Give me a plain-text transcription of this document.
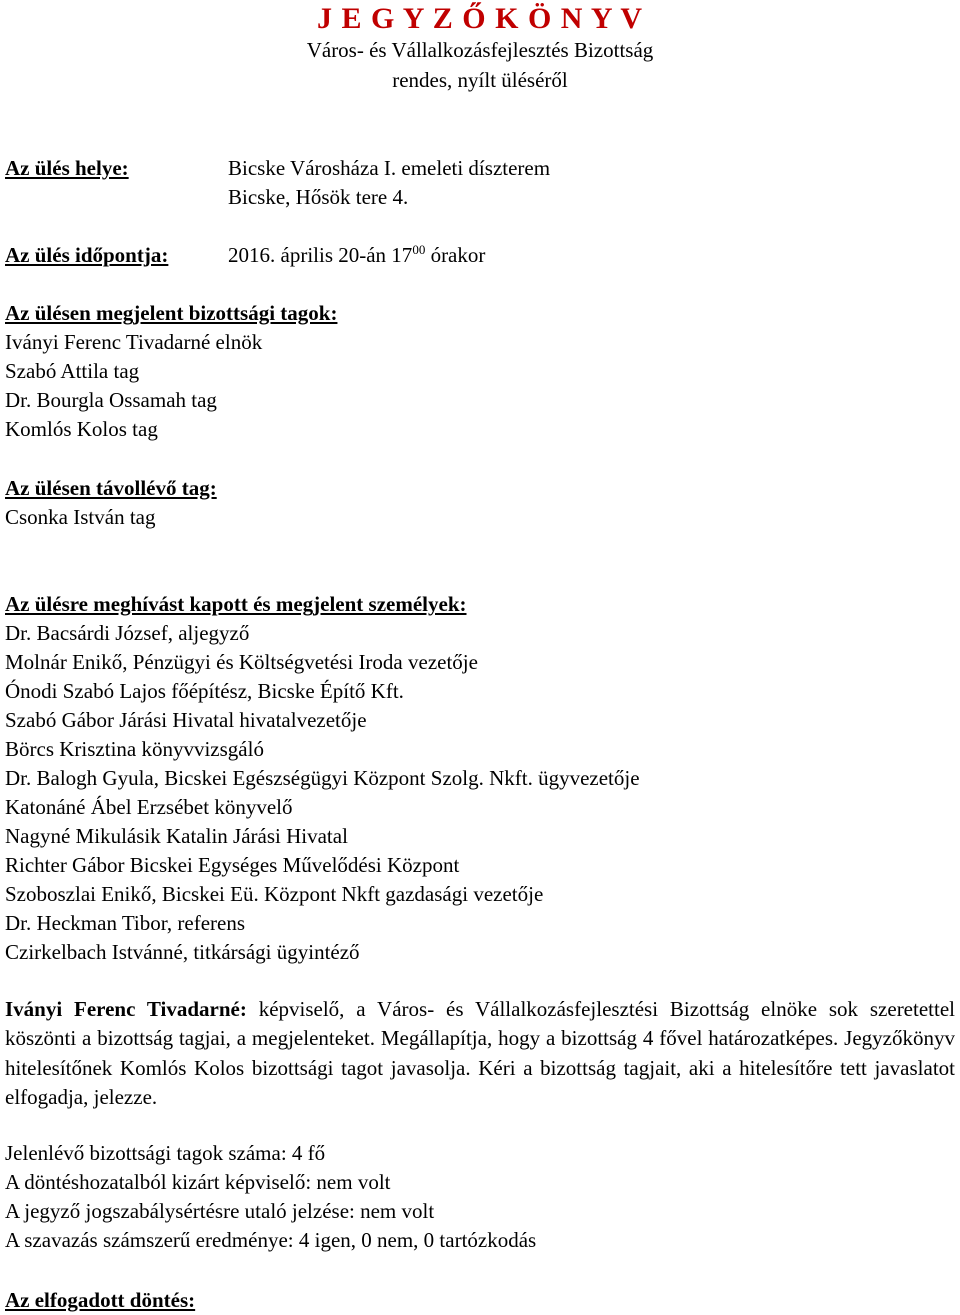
J E G Y Z Ő K Ö N Y V
Város- és Vállalkozásfejlesztés Bizottság
rendes, nyílt üléséről
Az ülés helye:	Bicske Városháza I. emeleti díszterem
Bicske, Hősök tere 4.
Az ülés időpontja:	2016. április 20-án $17^{00}$ órakor
Az ülésen megjelent bizottsági tagok:
Iványi Ferenc Tivadarné elnök
Szabó Attila tag
Dr. Bourgla Ossamah tag
Komlós Kolos tag
Az ülésen távollévő tag:
Csonka István tag
Az ülésre meghívást kapott és megjelent személyek:
Dr. Bacsárdi József, aljegyző
Molnár Enikő, Pénzügyi és Költségvetési Iroda vezetője
Ónodi Szabó Lajos főépítész, Bicske Építő Kft.
Szabó Gábor Járási Hivatal hivatalvezetője
Börcs Krisztina könyvvizsgáló
Dr. Balogh Gyula, Bicskei Egészségügyi Központ Szolg. Nkft. ügyvezetője
Katonáné Ábel Erzsébet könyvelő
Nagyné Mikulásik Katalin Járási Hivatal
Richter Gábor Bicskei Egységes Művelődési Központ
Szoboszlai Enikő, Bicskei Eü. Központ Nkft gazdasági vezetője
Dr. Heckman Tibor, referens
Czirkelbach Istvánné, titkársági ügyintéző
Iványi Ferenc Tivadarné: képviselő, a Város- és Vállalkozásfejlesztési Bizottság elnöke sok szeretettel köszönti a bizottság tagjai, a megjelenteket. Megállapítja, hogy a bizottság 4 fővel határozatképes. Jegyzőkönyv hitelesítőnek Komlós Kolos bizottsági tagot javasolja. Kéri a bizottság tagjait, aki a hitelesítőre tett javaslatot elfogadja, jelezze.
Jelenlévő bizottsági tagok száma: 4 fő
A döntéshozatalból kizárt képviselő: nem volt
A jegyző jogszabálysértésre utaló jelzése: nem volt
A szavazás számszerű eredménye: 4 igen, 0 nem, 0 tartózkodás
Az elfogadott döntés:
